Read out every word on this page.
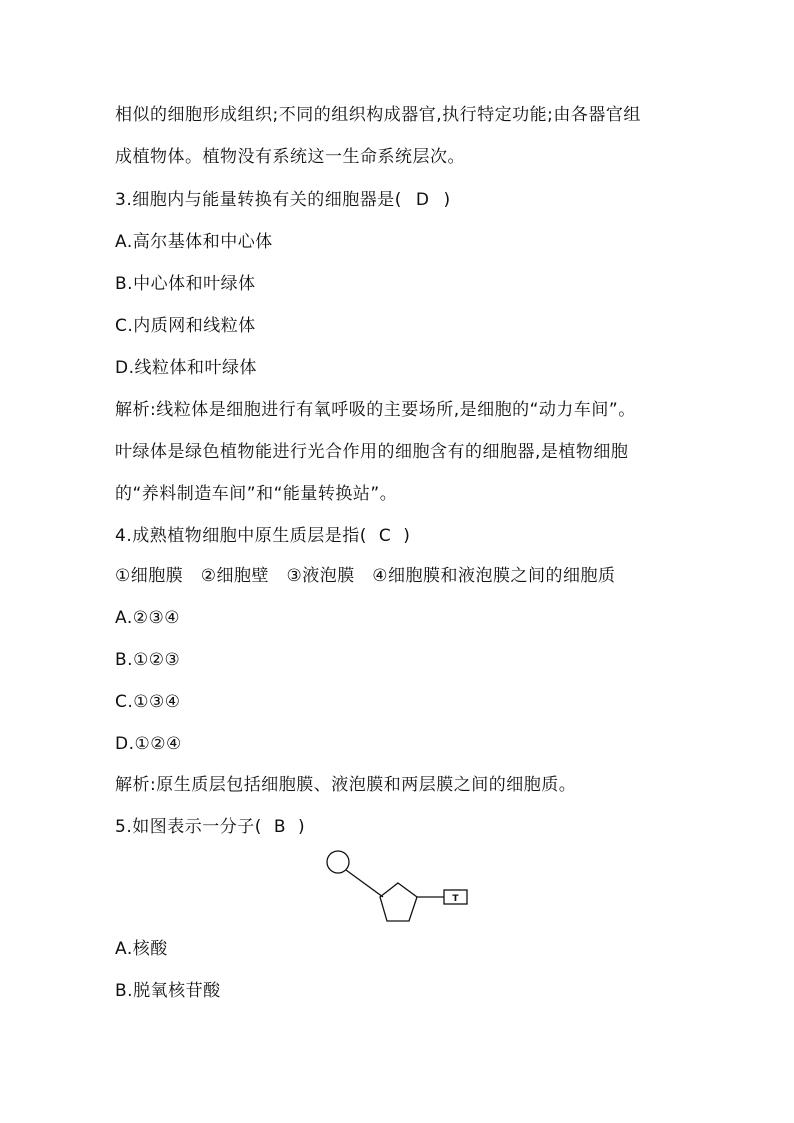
相似的细胞形成组织;不同的组织构成器官,执行特定功能;由各器官组
成植物体。植物没有系统这一生命系统层次。
3.细胞内与能量转换有关的细胞器是( D )
A.高尔基体和中心体
B.中心体和叶绿体
C.内质网和线粒体
D.线粒体和叶绿体
解析:线粒体是细胞进行有氧呼吸的主要场所,是细胞的“动力车间”。
叶绿体是绿色植物能进行光合作用的细胞含有的细胞器,是植物细胞
的“养料制造车间”和“能量转换站”。
4.成熟植物细胞中原生质层是指( C )
①细胞膜　②细胞壁　③液泡膜　④细胞膜和液泡膜之间的细胞质
A.②③④
B.①②③
C.①③④
D.①②④
解析:原生质层包括细胞膜、液泡膜和两层膜之间的细胞质。
5.如图表示一分子( B )
T
A.核酸
B.脱氧核苷酸
